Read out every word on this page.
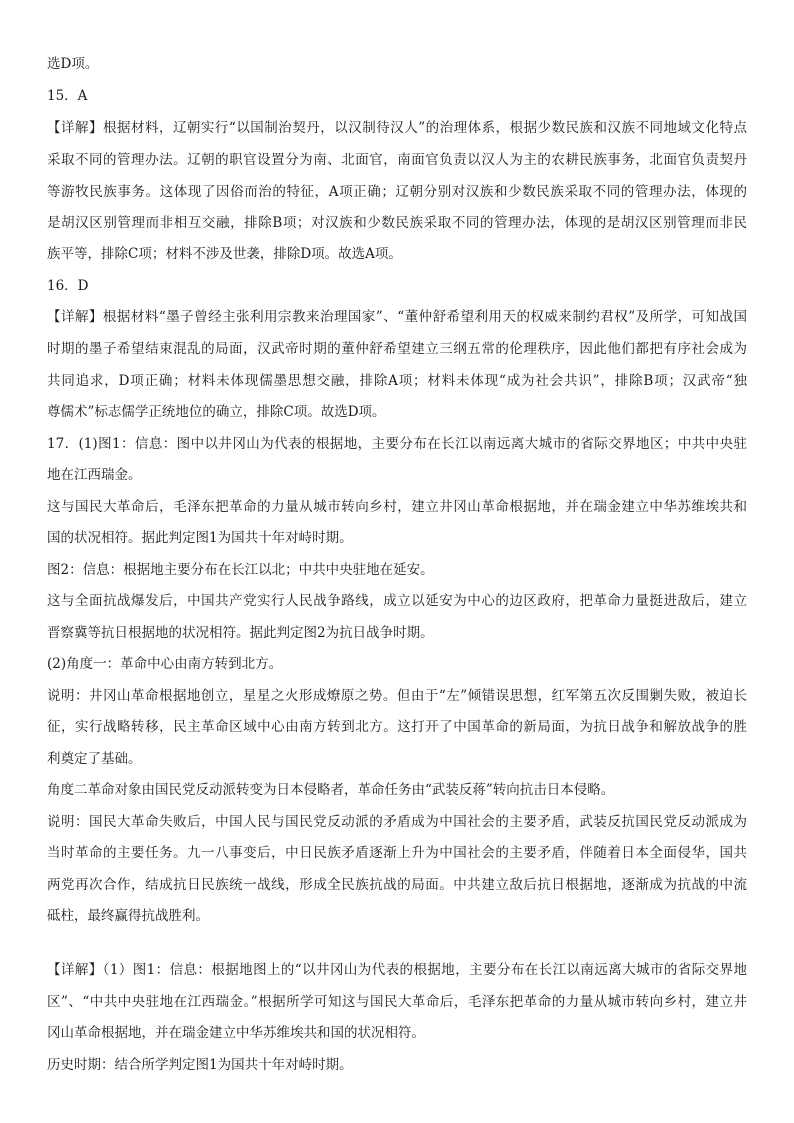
选D项。
15．A
【详解】根据材料，辽朝实行“以国制治契丹，以汉制待汉人”的治理体系，根据少数民族和汉族不同地域文化特点
采取不同的管理办法。辽朝的职官设置分为南、北面官，南面官负责以汉人为主的农耕民族事务，北面官负责契丹
等游牧民族事务。这体现了因俗而治的特征，A项正确；辽朝分别对汉族和少数民族采取不同的管理办法，体现的
是胡汉区别管理而非相互交融，排除B项；对汉族和少数民族采取不同的管理办法，体现的是胡汉区别管理而非民
族平等，排除C项；材料不涉及世袭，排除D项。故选A项。
16．D
【详解】根据材料“墨子曾经主张利用宗教来治理国家”、“董仲舒希望利用天的权威来制约君权”及所学，可知战国
时期的墨子希望结束混乱的局面，汉武帝时期的董仲舒希望建立三纲五常的伦理秩序，因此他们都把有序社会成为
共同追求，D项正确；材料未体现儒墨思想交融，排除A项；材料未体现“成为社会共识”，排除B项；汉武帝“独
尊儒术”标志儒学正统地位的确立，排除C项。故选D项。
17．(1)图1：信息：图中以井冈山为代表的根据地，主要分布在长江以南远离大城市的省际交界地区；中共中央驻
地在江西瑞金。
这与国民大革命后，毛泽东把革命的力量从城市转向乡村，建立井冈山革命根据地，并在瑞金建立中华苏维埃共和
国的状况相符。据此判定图1为国共十年对峙时期。
图2：信息：根据地主要分布在长江以北；中共中央驻地在延安。
这与全面抗战爆发后，中国共产党实行人民战争路线，成立以延安为中心的边区政府，把革命力量挺进敌后，建立
晋察冀等抗日根据地的状况相符。据此判定图2为抗日战争时期。
(2)角度一：革命中心由南方转到北方。
说明：井冈山革命根据地创立，星星之火形成燎原之势。但由于“左”倾错误思想，红军第五次反围剿失败，被迫长
征，实行战略转移，民主革命区域中心由南方转到北方。这打开了中国革命的新局面，为抗日战争和解放战争的胜
利奠定了基础。
角度二革命对象由国民党反动派转变为日本侵略者，革命任务由“武装反蒋”转向抗击日本侵略。
说明：国民大革命失败后，中国人民与国民党反动派的矛盾成为中国社会的主要矛盾，武装反抗国民党反动派成为
当时革命的主要任务。九一八事变后，中日民族矛盾逐渐上升为中国社会的主要矛盾，伴随着日本全面侵华，国共
两党再次合作，结成抗日民族统一战线，形成全民族抗战的局面。中共建立敌后抗日根据地，逐渐成为抗战的中流
砥柱，最终赢得抗战胜利。
【详解】（1）图1：信息：根据地图上的“以井冈山为代表的根据地，主要分布在长江以南远离大城市的省际交界地
区”、“中共中央驻地在江西瑞金。”根据所学可知这与国民大革命后，毛泽东把革命的力量从城市转向乡村，建立井
冈山革命根据地，并在瑞金建立中华苏维埃共和国的状况相符。
历史时期：结合所学判定图1为国共十年对峙时期。
